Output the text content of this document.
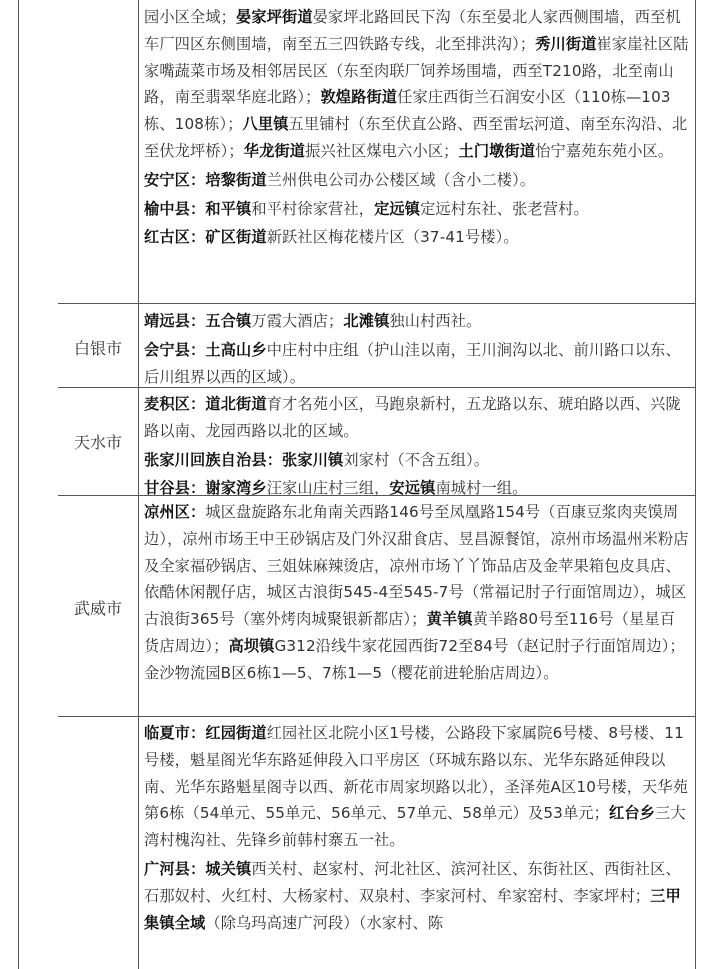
白银市
天水市
武威市

园小区全域；晏家坪街道晏家坪北路回民下沟（东至晏北人家西侧围墙，西至机车厂四区东侧围墙，南至五三四铁路专线，北至排洪沟）；秀川街道崔家崖社区陆家嘴蔬菜市场及相邻居民区（东至肉联厂饲养场围墙，西至T210路，北至南山路，南至翡翠华庭北路）；敦煌路街道任家庄西街兰石润安小区（110栋—103栋、108栋）；八里镇五里铺村（东至伏直公路、西至雷坛河道、南至东沟沿、北至伏龙坪桥）；华龙街道振兴社区煤电六小区；土门墩街道怡宁嘉苑东苑小区。

安宁区：培黎街道兰州供电公司办公楼区域（含小二楼）。

榆中县：和平镇和平村徐家营社，定远镇定远村东社、张老营村。

红古区：矿区街道新跃社区梅花楼片区（37-41号楼）。

靖远县：五合镇万霞大酒店；北滩镇独山村西社。

会宁县：土高山乡中庄村中庄组（护山洼以南，王川涧沟以北、前川路口以东、后川组界以西的区域）。

麦积区：道北街道育才名苑小区，马跑泉新村，五龙路以东、琥珀路以西、兴陇路以南、龙园西路以北的区域。

张家川回族自治县：张家川镇刘家村（不含五组）。

甘谷县：谢家湾乡汪家山庄村三组，安远镇南城村一组。

凉州区：城区盘旋路东北角南关西路146号至凤凰路154号（百康豆浆肉夹馍周边），凉州市场王中王砂锅店及门外汉甜食店、昱昌源餐馆，凉州市场温州米粉店及全家福砂锅店、三姐妹麻辣烫店，凉州市场丫丫饰品店及金苹果箱包皮具店、依酷休闲靓仔店，城区古浪街545-4至545-7号（常福记肘子行面馆周边），城区古浪街365号（塞外烤肉城聚银新都店）；黄羊镇黄羊路80号至116号（星星百货店周边）；高坝镇G312沿线牛家花园西街72至84号（赵记肘子行面馆周边）；金沙物流园B区6栋1—5、7栋1—5（樱花前进轮胎店周边）。

临夏市：红园街道红园社区北院小区1号楼，公路段下家属院6号楼、8号楼、11号楼，魁星阁光华东路延伸段入口平房区（环城东路以东、光华东路延伸段以南、光华东路魁星阁寺以西、新花市周家坝路以北），圣泽苑A区10号楼，天华苑第6栋（54单元、55单元、56单元、57单元、58单元）及53单元；红台乡三大湾村槐沟社、先锋乡前韩村寨五一社。

广河县：城关镇西关村、赵家村、河北社区、滨河社区、东街社区、西街社区、石那奴村、火红村、大杨家村、双泉村、李家河村、牟家窑村、李家坪村；三甲集镇全域（除乌玛高速广河段）（水家村、陈
